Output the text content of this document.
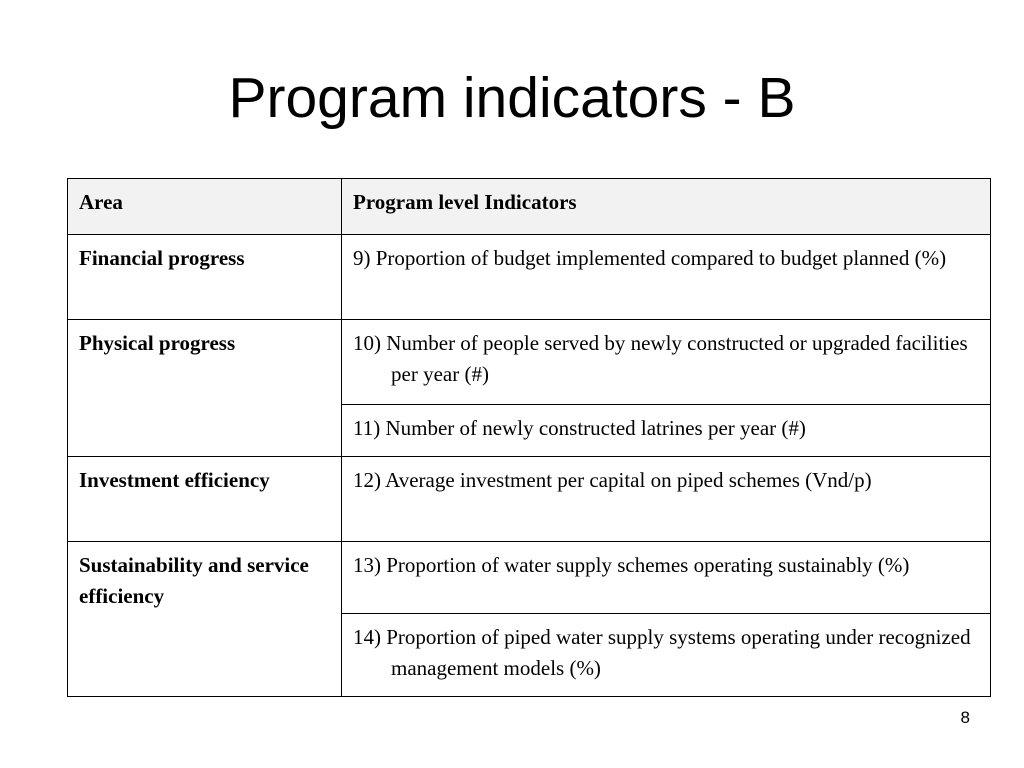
Program indicators - B
Area	Program level Indicators
Financial progress	9) Proportion of budget implemented compared to budget planned (%)

Physical progress	10) Number of people served by newly constructed or upgraded facilities per year (#)

	11) Number of newly constructed latrines per year (#)

Investment efficiency	12) Average investment per capital on piped schemes (Vnd/p)

Sustainability and service efficiency	13) Proportion of water supply schemes operating sustainably (%)

	14) Proportion of piped water supply systems operating under recognized management models (%)
8
